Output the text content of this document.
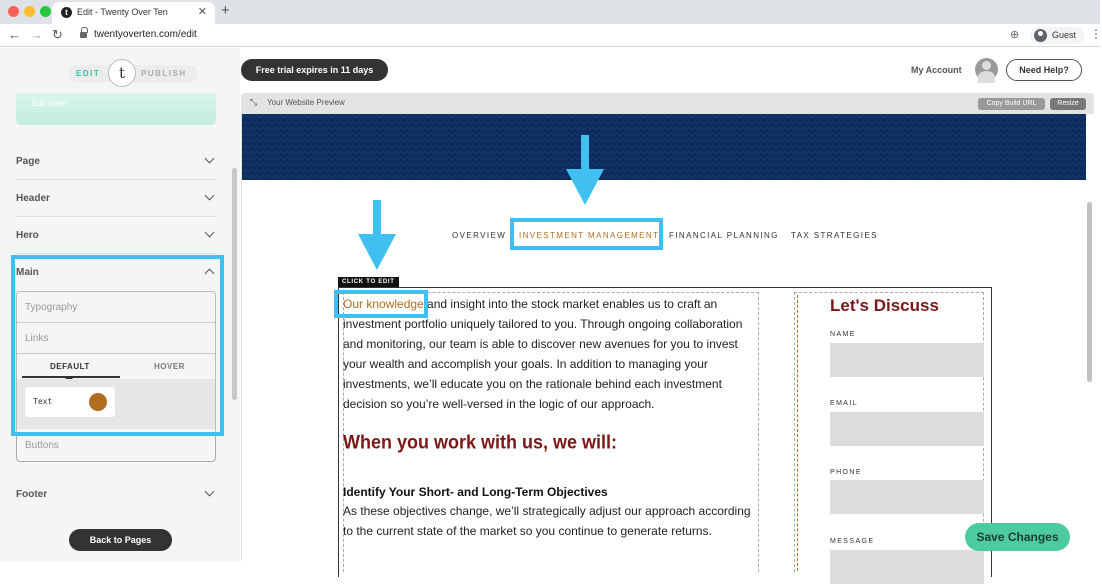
t	Edit - Twenty Over Ten	✕ +
← → ↻	twentyoverten.com/edit	⊕	Guest ⋮
EDIT	t	PUBLISH
Edit style!
Page
Header
Hero
Main
Typography
Links
DEFAULT	HOVER
Text
Buttons
Footer
Back to Pages
Free trial expires in 11 days	My Account	Need Help?
⤡ Your Website Preview	Copy Build URL	Resize
OVERVIEW INVESTMENT MANAGEMENT FINANCIAL PLANNING TAX STRATEGIES
CLICK TO EDIT

Our knowledge and insight into the stock market enables us to craft an investment portfolio uniquely tailored to you. Through ongoing collaboration and monitoring, our team is able to discover new avenues for you to invest your wealth and accomplish your goals. In addition to managing your investments, we’ll educate you on the rationale behind each investment decision so you’re well-versed in the logic of our approach.

When you work with us, we will:
Identify Your Short- and Long-Term Objectives

As these objectives change, we’ll strategically adjust our approach according to the current state of the market so you continue to generate returns.

Let's Discuss
NAME
EMAIL
PHONE
MESSAGE	Save Changes
